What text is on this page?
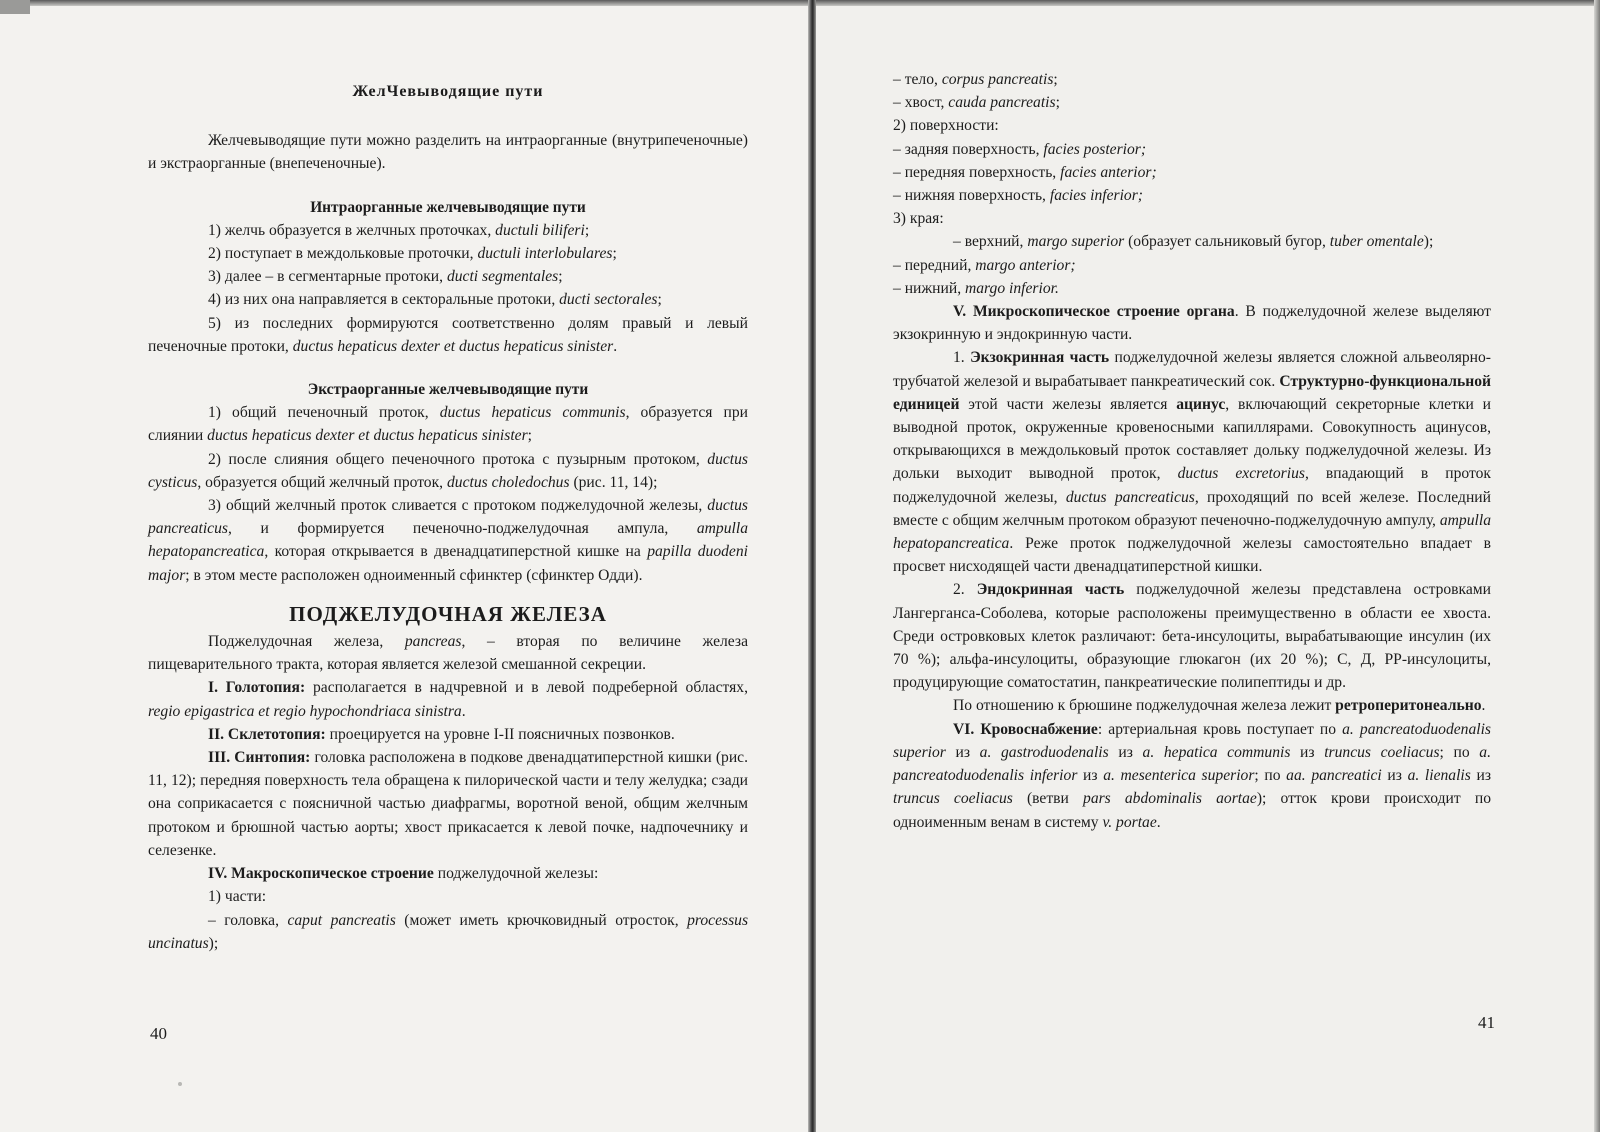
ЖелЧевыводящие пути

Желчевыводящие пути можно разделить на интраорганные (внутрипеченочные) и экстраорганные (внепеченочные).

Интраорганные желчевыводящие пути

1) желчь образуется в желчных проточках, ductuli biliferi;

2) поступает в междольковые проточки, ductuli interlobulares;

3) далее – в сегментарные протоки, ducti segmentales;

4) из них она направляется в секторальные протоки, ducti sectorales;

5) из последних формируются соответственно долям правый и левый печеночные протоки, ductus hepaticus dexter et ductus hepaticus sinister.

Экстраорганные желчевыводящие пути

1) общий печеночный проток, ductus hepaticus communis, образуется при слиянии ductus hepaticus dexter et ductus hepaticus sinister;

2) после слияния общего печеночного протока с пузырным протоком, ductus cysticus, образуется общий желчный проток, ductus choledochus (рис. 11, 14);

3) общий желчный проток сливается с протоком поджелудочной железы, ductus pancreaticus, и формируется печеночно-поджелудочная ампула, ampulla hepatopancreatica, которая открывается в двенадцатиперстной кишке на papilla duodeni major; в этом месте расположен одноименный сфинктер (сфинктер Одди).

ПОДЖЕЛУДОЧНАЯ ЖЕЛЕЗА

Поджелудочная железа, pancreas, – вторая по величине железа пищеварительного тракта, которая является железой смешанной секреции.

I. Голотопия: располагается в надчревной и в левой подреберной областях, regio epigastrica et regio hypochondriaca sinistra.

II. Склетотопия: проецируется на уровне I-II поясничных позвонков.

III. Синтопия: головка расположена в подкове двенадцатиперстной кишки (рис. 11, 12); передняя поверхность тела обращена к пилорической части и телу желудка; сзади она соприкасается с поясничной частью диафрагмы, воротной веной, общим желчным протоком и брюшной частью аорты; хвост прикасается к левой почке, надпочечнику и селезенке.

IV. Макроскопическое строение поджелудочной железы:

1) части:

– головка, caput pancreatis (может иметь крючковидный отросток, processus uncinatus);

40

– тело, corpus pancreatis;

– хвост, cauda pancreatis;

2) поверхности:

– задняя поверхность, facies posterior;

– передняя поверхность, facies anterior;

– нижняя поверхность, facies inferior;

3) края:

– верхний, margo superior (образует сальниковый бугор, tuber omentale);

– передний, margo anterior;

– нижний, margo inferior.

V. Микроскопическое строение органа. В поджелудочной железе выделяют экзокринную и эндокринную части.

1. Экзокринная часть поджелудочной железы является сложной альвеолярно-трубчатой железой и вырабатывает панкреатический сок. Структурно-функциональной единицей этой части железы является ацинус, включающий секреторные клетки и выводной проток, окруженные кровеносными капиллярами. Совокупность ацинусов, открывающихся в междольковый проток составляет дольку поджелудочной железы. Из дольки выходит выводной проток, ductus excretorius, впадающий в проток поджелудочной железы, ductus pancreaticus, проходящий по всей железе. Последний вместе с общим желчным протоком образуют печеночно-поджелудочную ампулу, ampulla hepatopancreatica. Реже проток поджелудочной железы самостоятельно впадает в просвет нисходящей части двенадцатиперстной кишки.

2. Эндокринная часть поджелудочной железы представлена островками Лангерганса-Соболева, которые расположены преимущественно в области ее хвоста. Среди островковых клеток различают: бета-инсулоциты, вырабатывающие инсулин (их 70 %); альфа-инсулоциты, образующие глюкагон (их 20 %); С, Д, РР-инсулоциты, продуцирующие соматостатин, панкреатические полипептиды и др.

По отношению к брюшине поджелудочная железа лежит ретроперитонеально.

VI. Кровоснабжение: артериальная кровь поступает по a. pancreatoduodenalis superior из a. gastroduodenalis из a. hepatica communis из truncus coeliacus; по a. pancreatoduodenalis inferior из a. mesenterica superior; по aa. pancreatici из a. lienalis из truncus coeliacus (ветви pars abdominalis aortae); отток крови происходит по одноименным венам в систему v. portae.

41
